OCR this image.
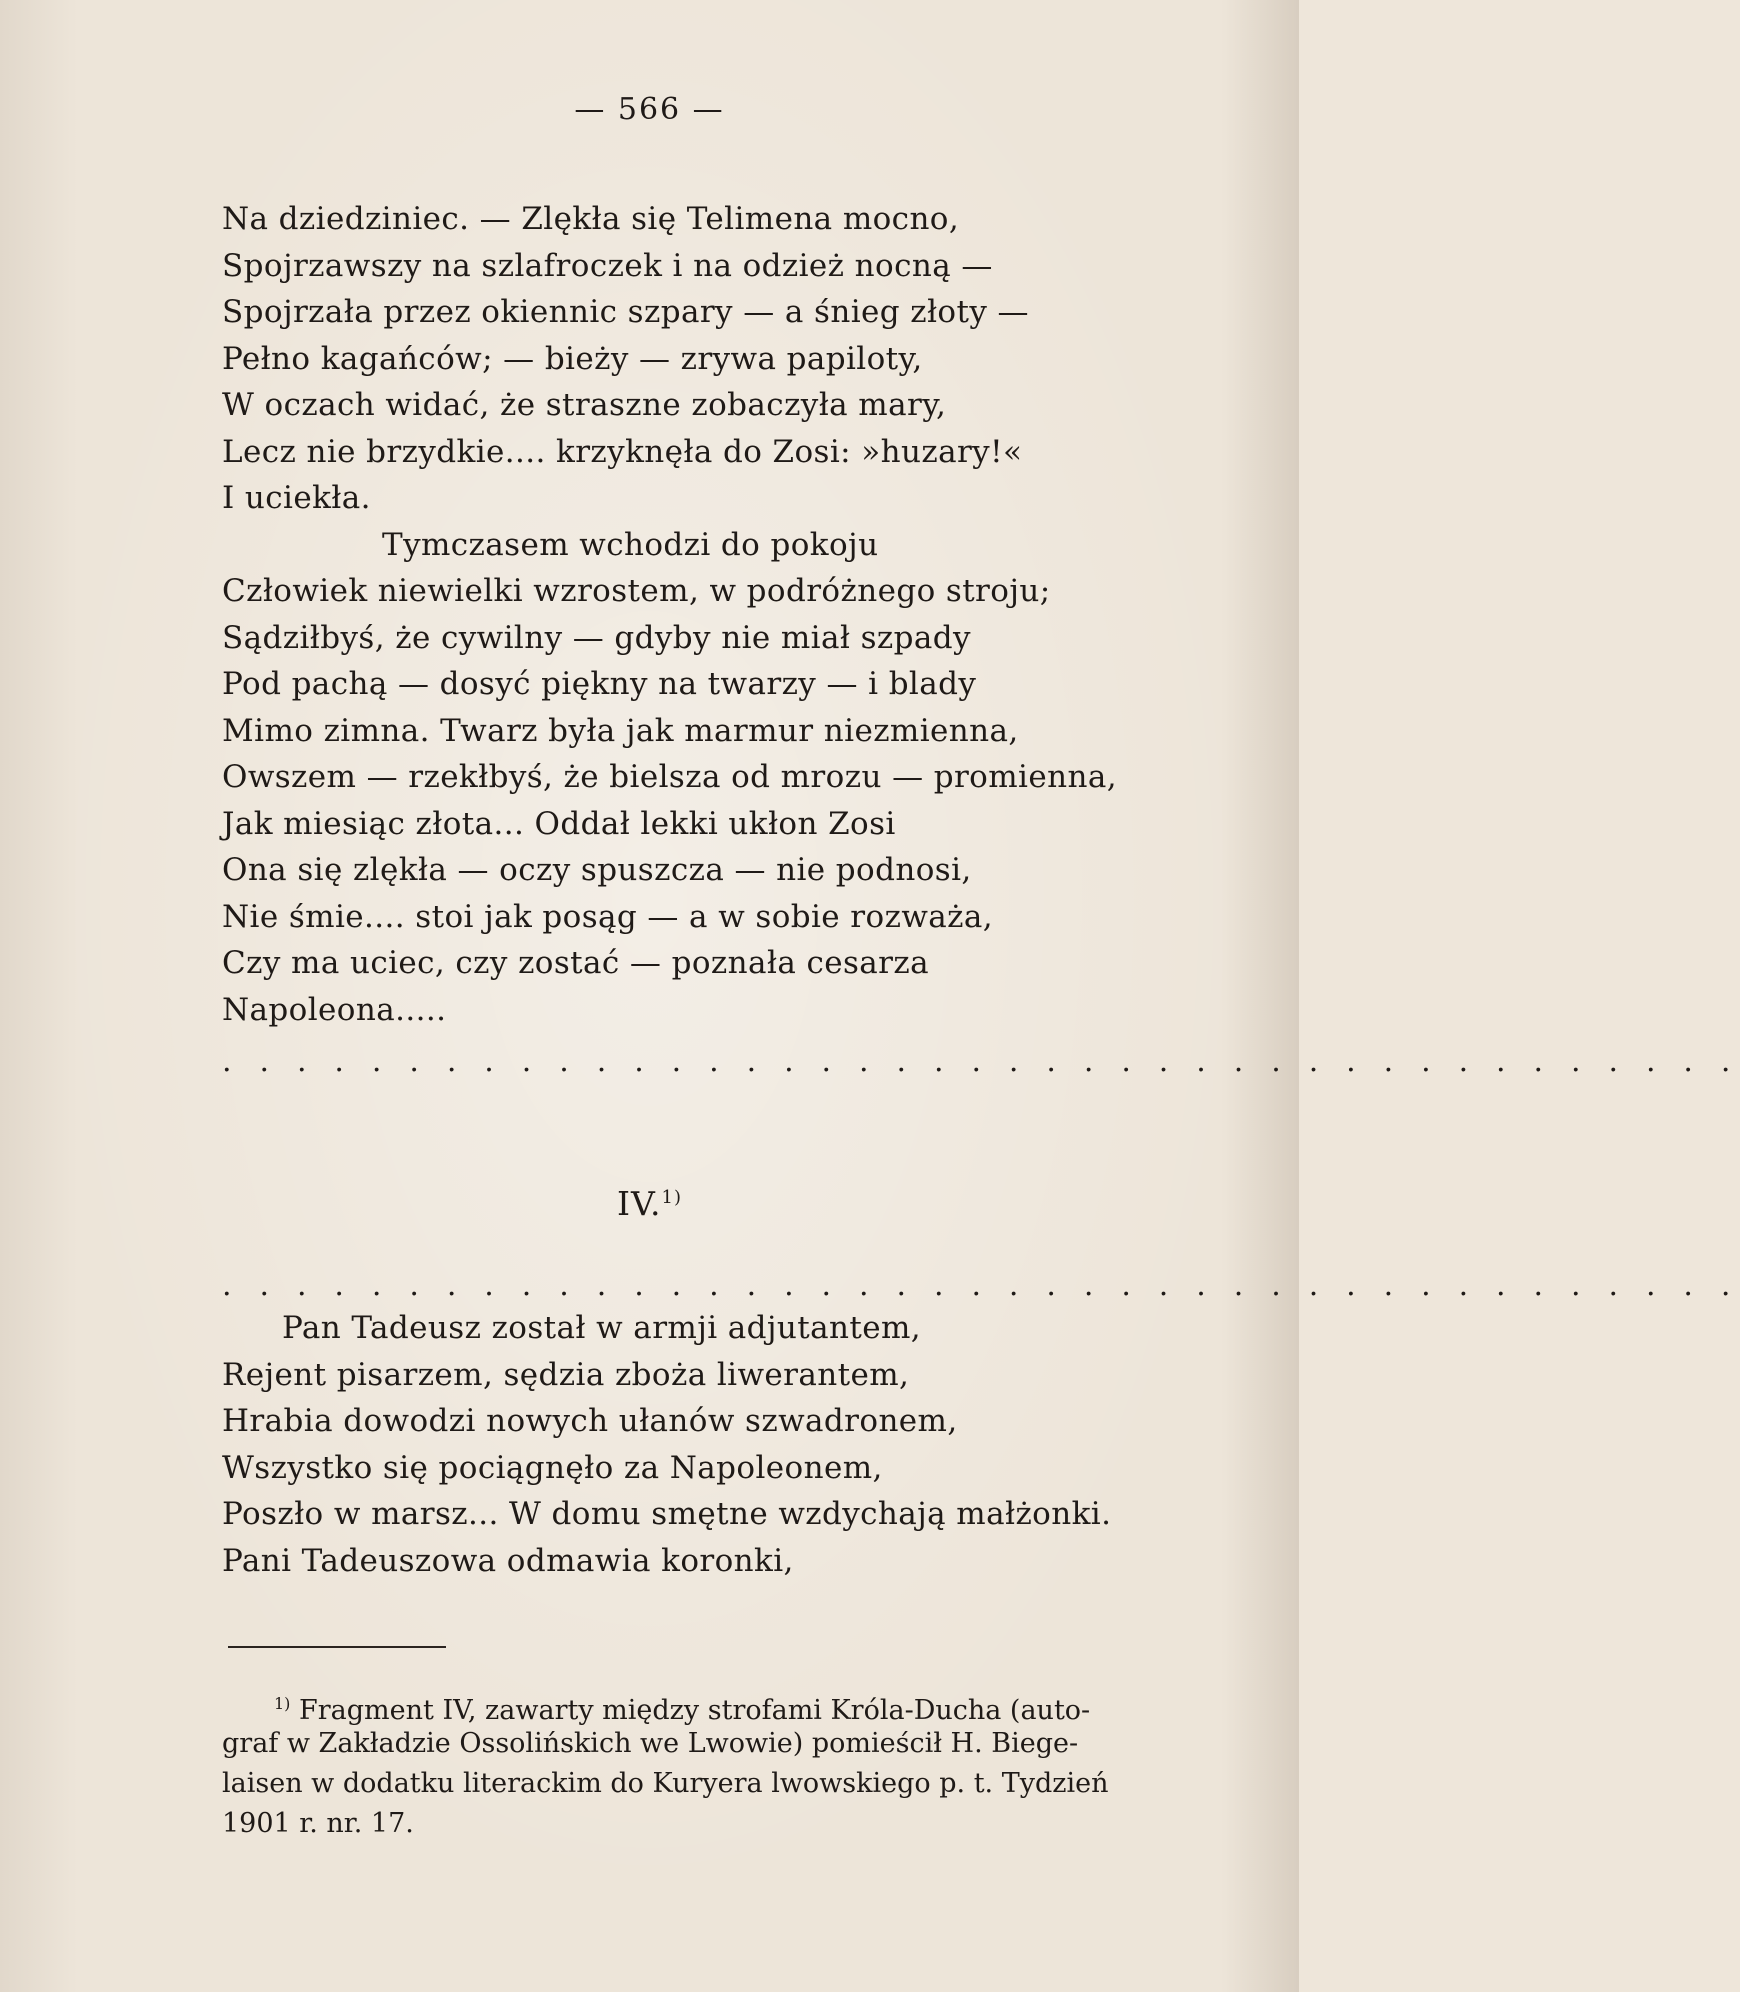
— 566 —
Na dziedziniec. — Zlękła się Telimena mocno,
Spojrzawszy na szlafroczek i na odzież nocną —
Spojrzała przez okiennic szpary — a śnieg złoty —
Pełno kagańców; — bieży — zrywa papiloty,
W oczach widać, że straszne zobaczyła mary,
Lecz nie brzydkie.... krzyknęła do Zosi: »huzary!«
I uciekła.
Tymczasem wchodzi do pokoju
Człowiek niewielki wzrostem, w podróżnego stroju;
Sądziłbyś, że cywilny — gdyby nie miał szpady
Pod pachą — dosyć piękny na twarzy — i blady
Mimo zimna. Twarz była jak marmur niezmienna,
Owszem — rzekłbyś, że bielsza od mrozu — promienna,
Jak miesiąc złota... Oddał lekki ukłon Zosi
Ona się zlękła — oczy spuszcza — nie podnosi,
Nie śmie.... stoi jak posąg — a w sobie rozważa,
Czy ma uciec, czy zostać — poznała cesarza
Napoleona.....
. . . . . . . . . . . . . . . . . . . . . . . . . . . . . . . . . . . . . . . . .
IV.$^{1)}$
. . . . . . . . . . . . . . . . . . . . . . . . . . . . . . . . . . . . . . . . .
Pan Tadeusz został w armji adjutantem,
Rejent pisarzem, sędzia zboża liwerantem,
Hrabia dowodzi nowych ułanów szwadronem,
Wszystko się pociągnęło za Napoleonem,
Poszło w marsz... W domu smętne wzdychają małżonki.
Pani Tadeuszowa odmawia koronki,
$^{1)}$ Fragment IV, zawarty między strofami Króla-Ducha (auto-
graf w Zakładzie Ossolińskich we Lwowie) pomieścił H. Biege-
laisen w dodatku literackim do Kuryera lwowskiego p. t. Tydzień
1901 r. nr. 17.
